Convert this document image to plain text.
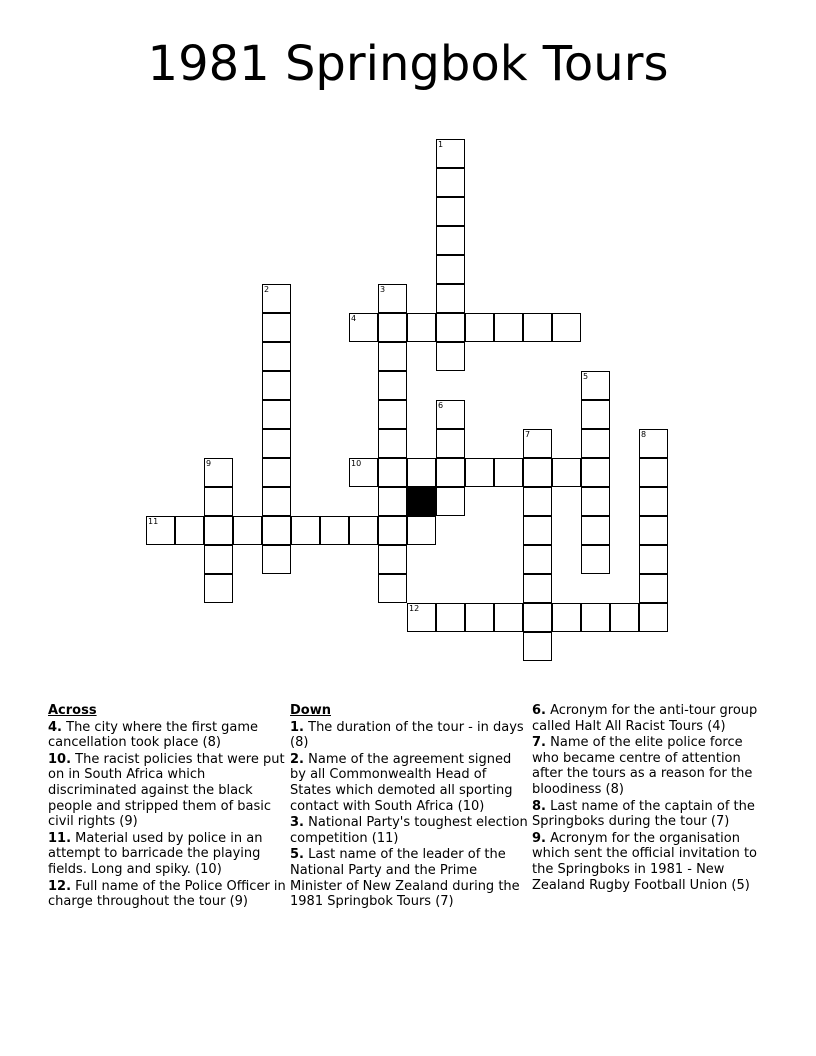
1981 Springbok Tours
1
2	3
4
5
6
7	8
9	10
11
12
Across
4. The city where the first game cancellation took place (8)
10. The racist policies that were put on in South Africa which discriminated against the black people and stripped them of basic civil rights (9)
11. Material used by police in an attempt to barricade the playing fields. Long and spiky. (10)
12. Full name of the Police Officer in charge throughout the tour (9)
Down
1. The duration of the tour - in days (8)
2. Name of the agreement signed by all Commonwealth Head of States which demoted all sporting contact with South Africa (10)
3. National Party's toughest election competition (11)
5. Last name of the leader of the National Party and the Prime Minister of New Zealand during the 1981 Springbok Tours (7)
6. Acronym for the anti-tour group called Halt All Racist Tours (4)
7. Name of the elite police force who became centre of attention after the tours as a reason for the bloodiness (8)
8. Last name of the captain of the Springboks during the tour (7)
9. Acronym for the organisation which sent the official invitation to the Springboks in 1981 - New Zealand Rugby Football Union (5)
